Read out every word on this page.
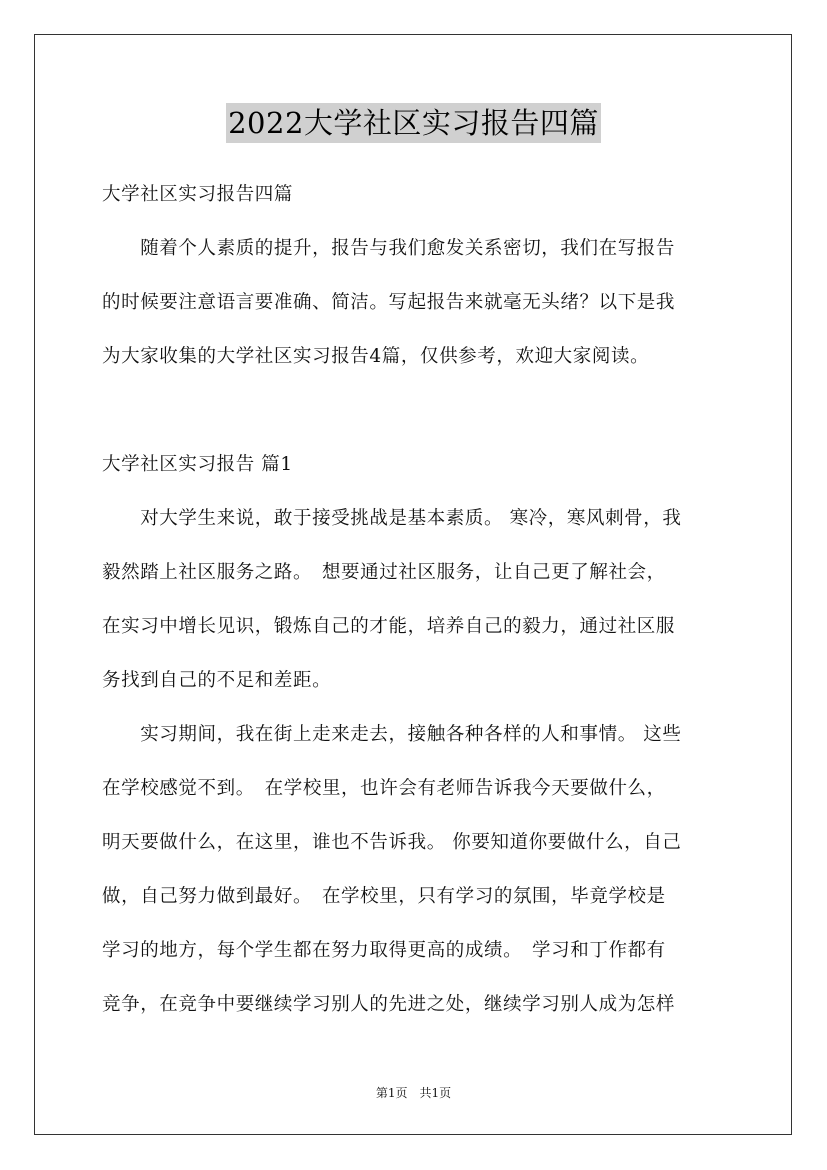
2022大学社区实习报告四篇
大学社区实习报告四篇
　　随着个人素质的提升，报告与我们愈发关系密切，我们在写报告
的时候要注意语言要准确、简洁。写起报告来就毫无头绪？以下是我
为大家收集的大学社区实习报告4篇，仅供参考，欢迎大家阅读。
大学社区实习报告 篇1
　　对大学生来说，敢于接受挑战是基本素质。 寒冷，寒风刺骨，我
毅然踏上社区服务之路。　想要通过社区服务，让自己更了解社会，
在实习中增长见识，锻炼自己的才能，培养自己的毅力，通过社区服
务找到自己的不足和差距。
　　实习期间，我在街上走来走去，接触各种各样的人和事情。 这些
在学校感觉不到。　在学校里，也许会有老师告诉我今天要做什么，
明天要做什么，在这里，谁也不告诉我。 你要知道你要做什么，自己
做，自己努力做到最好。　在学校里，只有学习的氛围，毕竟学校是
学习的地方，每个学生都在努力取得更高的成绩。　学习和丁作都有
竞争，在竞争中要继续学习别人的先进之处，继续学习别人成为怎样
第1页　共1页
